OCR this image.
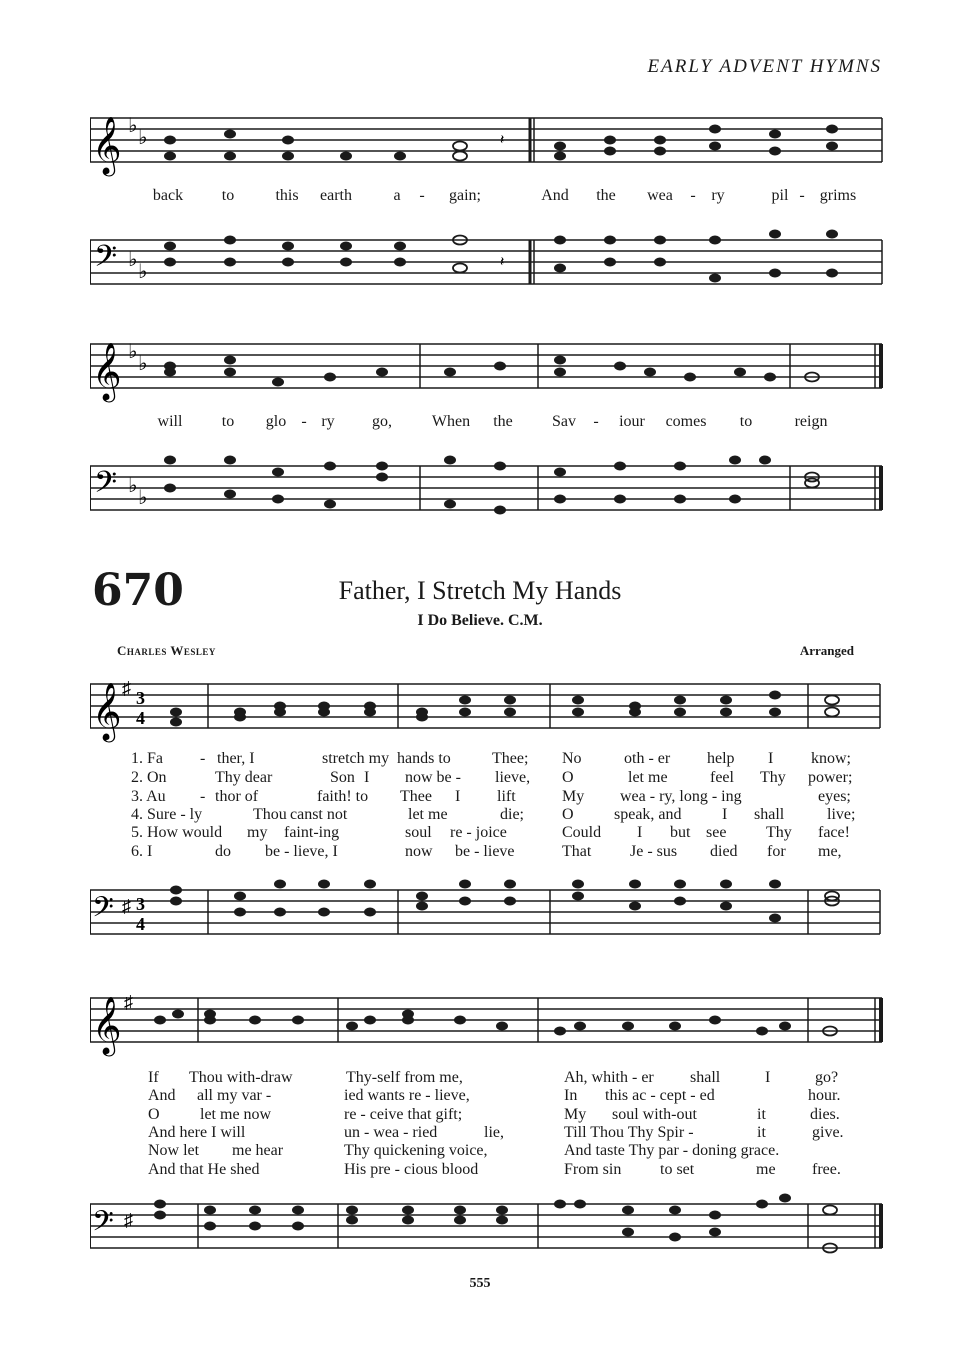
EARLY ADVENT HYMNS
𝄞 ♭
♭	𝄽
back to	this earth	a - gain;	And the wea - ry	pil - grims
𝄢 ♭
♭	𝄽
𝄞 ♭
♭
will to glo - ry go, When the Sav - iour comes to	reign
𝄢 ♭
♭
670	Father, I Stretch My Hands
I Do Believe. C.M.
Charles Wesley	Arranged
𝄞 ♯ 3
4
1. Fa - ther, I	stretch my hands to	Thee; No	oth - er help I know;
2. On	Thy dear	Son I now be - lieve, O	let me	feel Thy power;
3. Au - thor of	faith! to Thee I lift	My wea - ry, long - ing	eyes;
4. Sure - ly	Thou canst not	let me	die; O	speak, and	I shall	live;
5. How would my faint-ing	soul re - joice	Could I but see Thy face!
6. I	do be - lieve, I	now be - lieve	That Je - sus died for me,
𝄢 ♯ 3
4
𝄞 ♯
If Thou with-draw	Thy-self from me,	Ah, whith - er shall	I	go?
And all my var -	ied wants re - lieve,	In this ac - cept - ed	hour.
O	let me now	re - ceive that gift;	My soul with-out	it	dies.
And here I will	un - wea - ried	lie,	Till Thou Thy Spir -	it	give.
Now let me hear	Thy quickening voice,	And taste Thy par - doning grace.
And that He shed	His pre - cious blood	From sin to set	me free.
𝄢 ♯
555
